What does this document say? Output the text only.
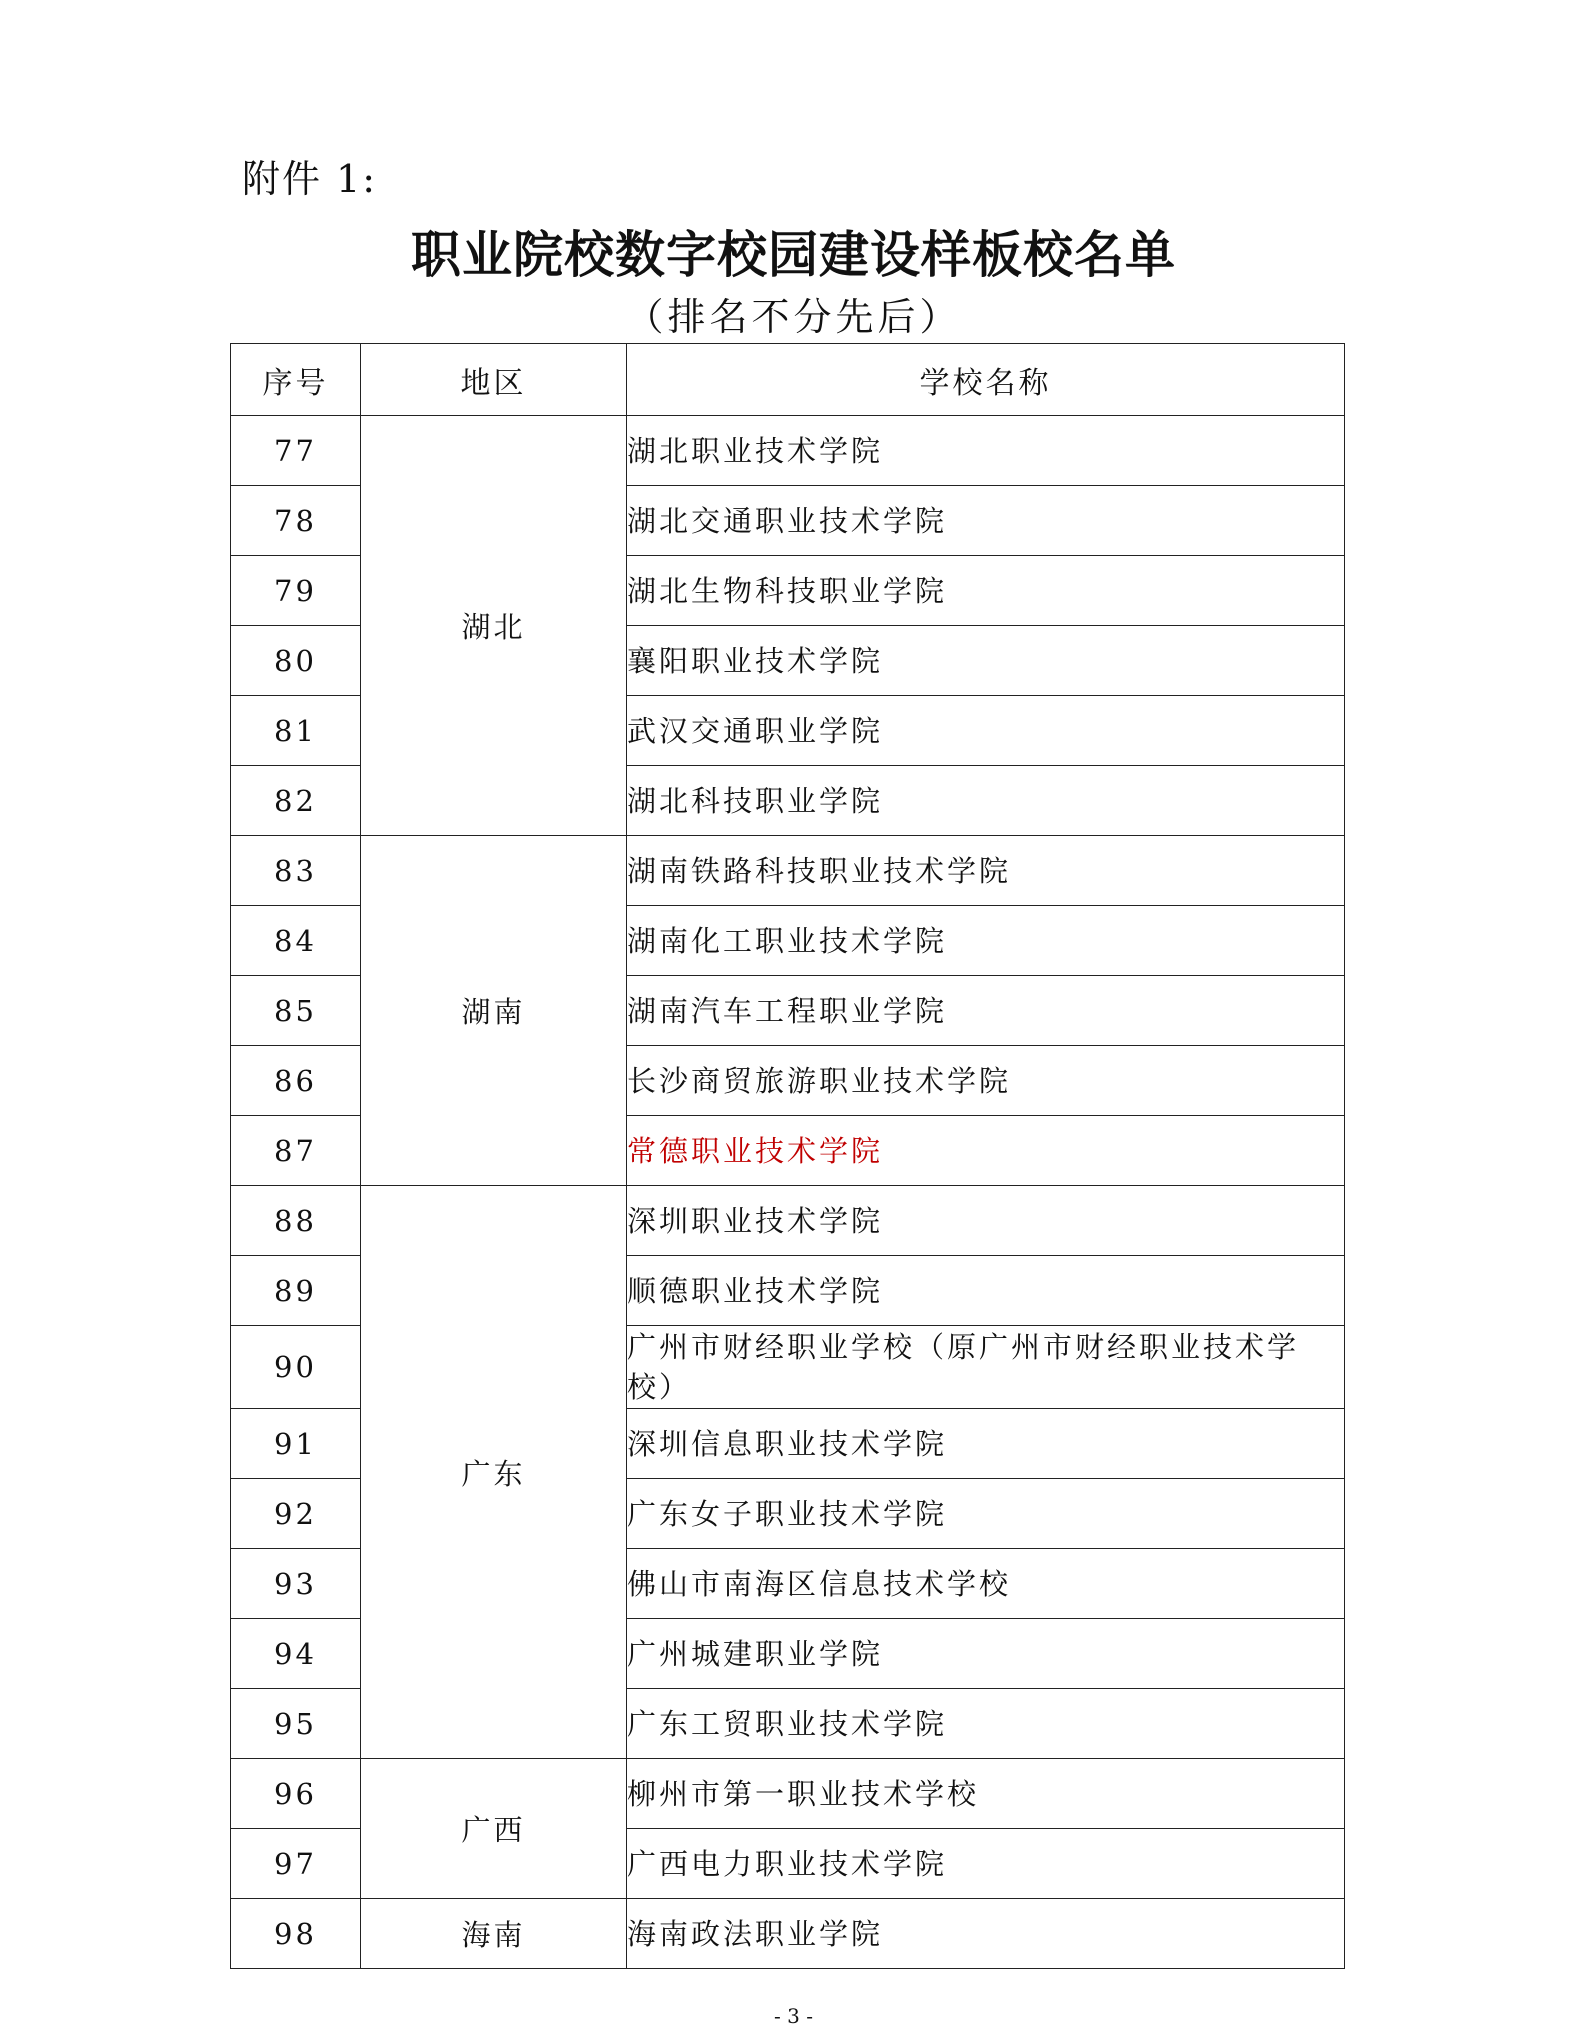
附件 1:
职业院校数字校园建设样板校名单
（排名不分先后）
序号	地区	学校名称
77	湖北	湖北职业技术学院
78		湖北交通职业技术学院
79		湖北生物科技职业学院
80		襄阳职业技术学院
81		武汉交通职业学院
82		湖北科技职业学院
83	湖南	湖南铁路科技职业技术学院
84		湖南化工职业技术学院
85		湖南汽车工程职业学院
86		长沙商贸旅游职业技术学院
87		常德职业技术学院
88	广东	深圳职业技术学院
89		顺德职业技术学院
90		广州市财经职业学校（原广州市财经职业技术学校）
91		深圳信息职业技术学院
92		广东女子职业技术学院
93		佛山市南海区信息技术学校
94		广州城建职业学院
95		广东工贸职业技术学院
96	广西	柳州市第一职业技术学校
97		广西电力职业技术学院
98	海南	海南政法职业学院
- 3 -
